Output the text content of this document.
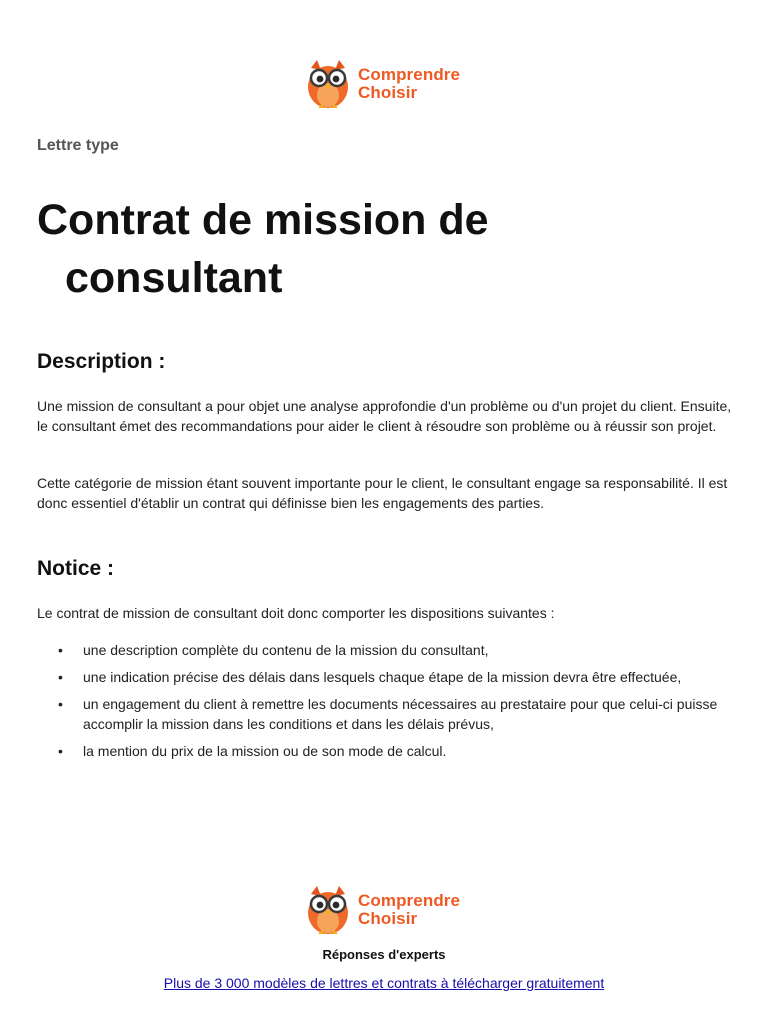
Comprendre
Choisir
Lettre type
Contrat de mission de
consultant
Description :

Une mission de consultant a pour objet une analyse approfondie d'un problème ou d'un projet du client. Ensuite, le consultant émet des recommandations pour aider le client à résoudre son problème ou à réussir son projet.

Cette catégorie de mission étant souvent importante pour le client, le consultant engage sa responsabilité. Il est donc essentiel d'établir un contrat qui définisse bien les engagements des parties.

Notice :

Le contrat de mission de consultant doit donc comporter les dispositions suivantes :

• une description complète du contenu de la mission du consultant,
• une indication précise des délais dans lesquels chaque étape de la mission devra être effectuée,
• un engagement du client à remettre les documents nécessaires au prestataire pour que celui-ci puisse accomplir la mission dans les conditions et dans les délais prévus,
• la mention du prix de la mission ou de son mode de calcul.
Comprendre
Choisir
Réponses d'experts
Plus de 3 000 modèles de lettres et contrats à télécharger gratuitement
